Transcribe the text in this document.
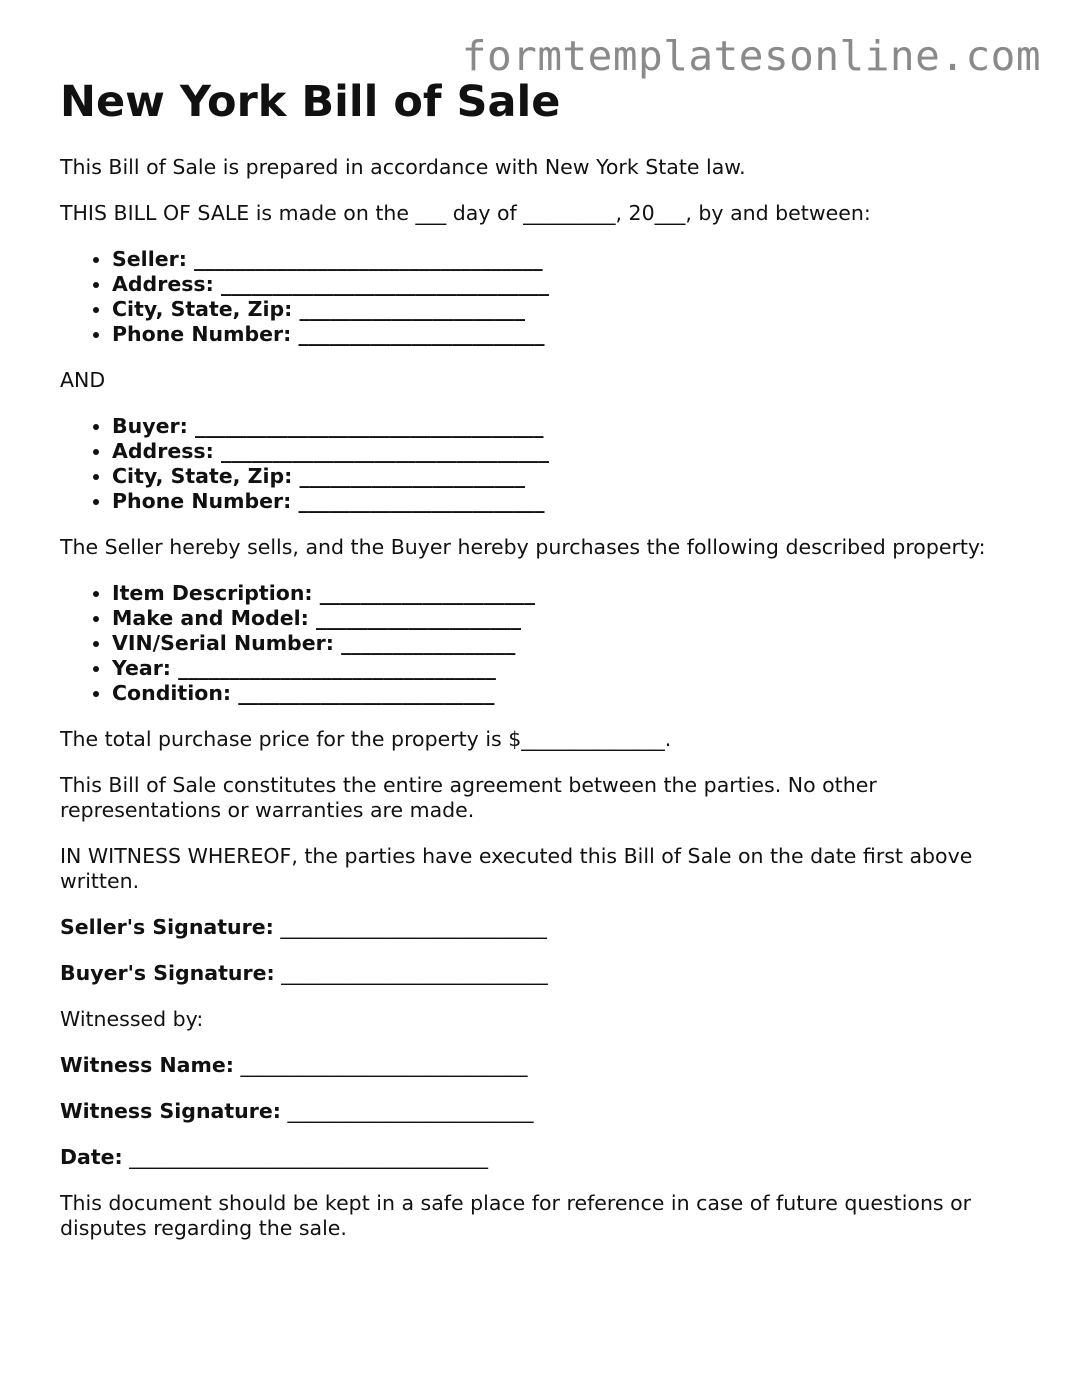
formtemplatesonline.com
New York Bill of Sale

This Bill of Sale is prepared in accordance with New York State law.

THIS BILL OF SALE is made on the ___ day of _________, 20___, by and between:

• Seller: __________________________________
• Address: ________________________________
• City, State, Zip: ______________________
• Phone Number: ________________________

AND

• Buyer: __________________________________
• Address: ________________________________
• City, State, Zip: ______________________
• Phone Number: ________________________

The Seller hereby sells, and the Buyer hereby purchases the following described property:

• Item Description: _____________________
• Make and Model: ____________________
• VIN/Serial Number: _________________
• Year: _______________________________
• Condition: _________________________

The total purchase price for the property is $______________.

This Bill of Sale constitutes the entire agreement between the parties. No other representations or warranties are made.

IN WITNESS WHEREOF, the parties have executed this Bill of Sale on the date first above written.

Seller's Signature: __________________________

Buyer's Signature: __________________________

Witnessed by:

Witness Name: ____________________________

Witness Signature: ________________________

Date: ___________________________________

This document should be kept in a safe place for reference in case of future questions or disputes regarding the sale.
